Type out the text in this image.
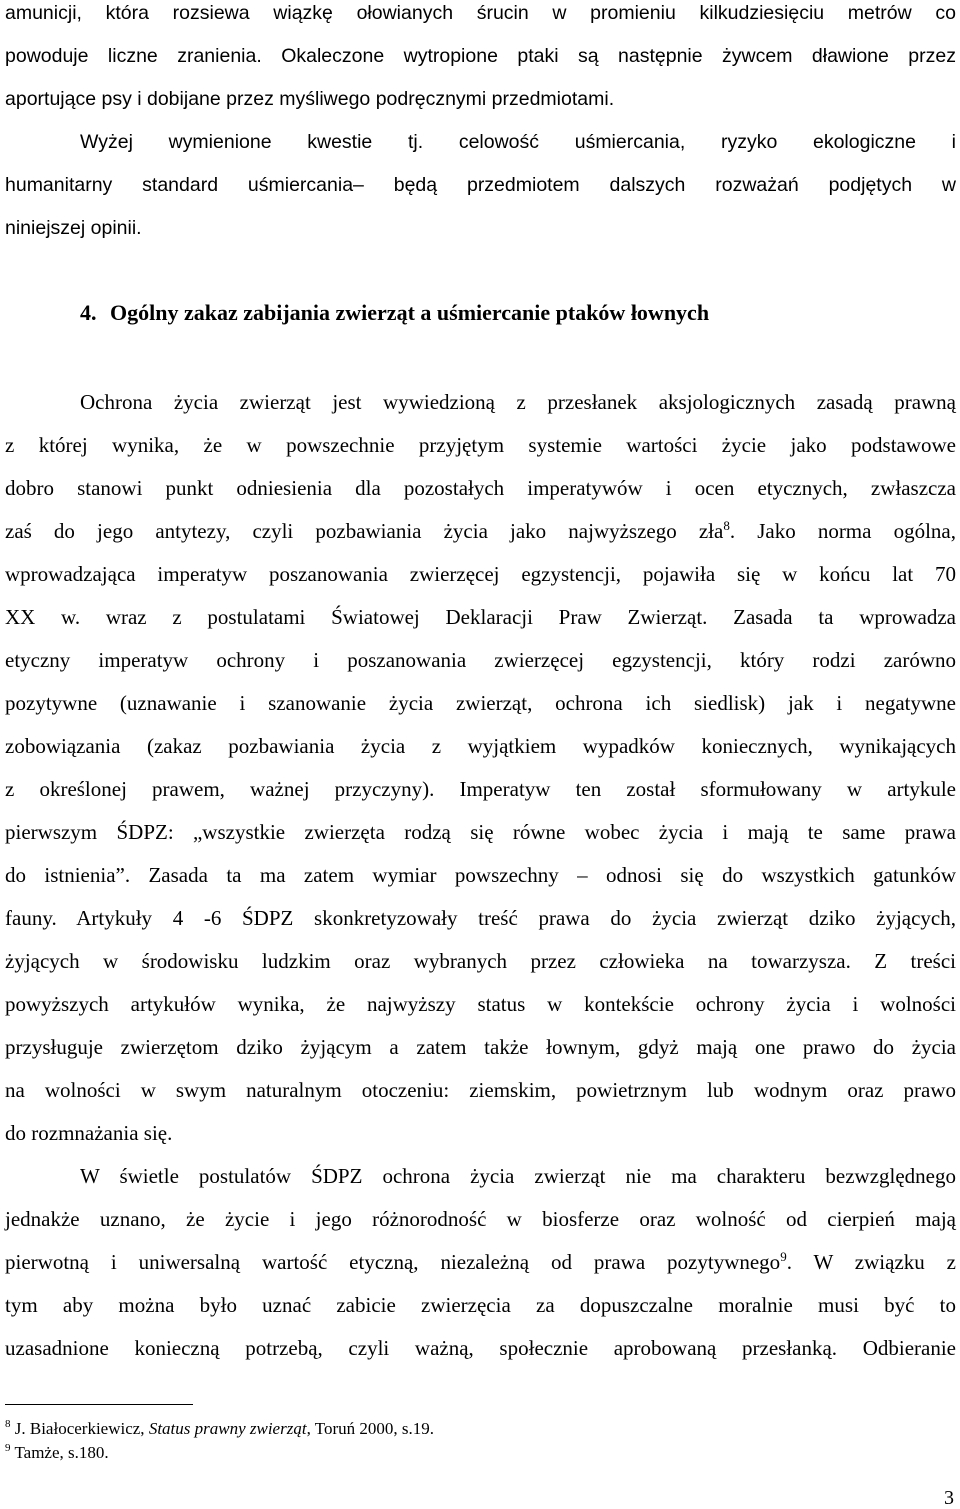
amunicji, która rozsiewa wiązkę ołowianych śrucin w promieniu kilkudziesięciu metrów co
powoduje liczne zranienia. Okaleczone wytropione ptaki są następnie żywcem dławione przez
aportujące psy i dobijane przez myśliwego podręcznymi przedmiotami.
Wyżej wymienione kwestie tj. celowość uśmiercania, ryzyko ekologiczne i
humanitarny standard uśmiercania– będą przedmiotem dalszych rozważań podjętych w
niniejszej opinii.
4. Ogólny zakaz zabijania zwierząt a uśmiercanie ptaków łownych
Ochrona życia zwierząt jest wywiedzioną z przesłanek aksjologicznych zasadą prawną
z której wynika, że w powszechnie przyjętym systemie wartości życie jako podstawowe
dobro stanowi punkt odniesienia dla pozostałych imperatywów i ocen etycznych, zwłaszcza
zaś do jego antytezy, czyli pozbawiania życia jako najwyższego zła$^8$. Jako norma ogólna,
wprowadzająca imperatyw poszanowania zwierzęcej egzystencji, pojawiła się w końcu lat 70
XX w. wraz z postulatami Światowej Deklaracji Praw Zwierząt. Zasada ta wprowadza
etyczny imperatyw ochrony i poszanowania zwierzęcej egzystencji, który rodzi zarówno
pozytywne (uznawanie i szanowanie życia zwierząt, ochrona ich siedlisk) jak i negatywne
zobowiązania (zakaz pozbawiania życia z wyjątkiem wypadków koniecznych, wynikających
z określonej prawem, ważnej przyczyny). Imperatyw ten został sformułowany w artykule
pierwszym ŚDPZ: „wszystkie zwierzęta rodzą się równe wobec życia i mają te same prawa
do istnienia”. Zasada ta ma zatem wymiar powszechny – odnosi się do wszystkich gatunków
fauny. Artykuły 4 -6 ŚDPZ skonkretyzowały treść prawa do życia zwierząt dziko żyjących,
żyjących w środowisku ludzkim oraz wybranych przez człowieka na towarzysza. Z treści
powyższych artykułów wynika, że najwyższy status w kontekście ochrony życia i wolności
przysługuje zwierzętom dziko żyjącym a zatem także łownym, gdyż mają one prawo do życia
na wolności w swym naturalnym otoczeniu: ziemskim, powietrznym lub wodnym oraz prawo
do rozmnażania się.
W świetle postulatów ŚDPZ ochrona życia zwierząt nie ma charakteru bezwzględnego
jednakże uznano, że życie i jego różnorodność w biosferze oraz wolność od cierpień mają
pierwotną i uniwersalną wartość etyczną, niezależną od prawa pozytywnego$^9$. W związku z
tym aby można było uznać zabicie zwierzęcia za dopuszczalne moralnie musi być to
uzasadnione konieczną potrzebą, czyli ważną, społecznie aprobowaną przesłanką. Odbieranie
$^8$ J. Białocerkiewicz, Status prawny zwierząt, Toruń 2000, s.19.
$^9$ Tamże, s.180.
3
